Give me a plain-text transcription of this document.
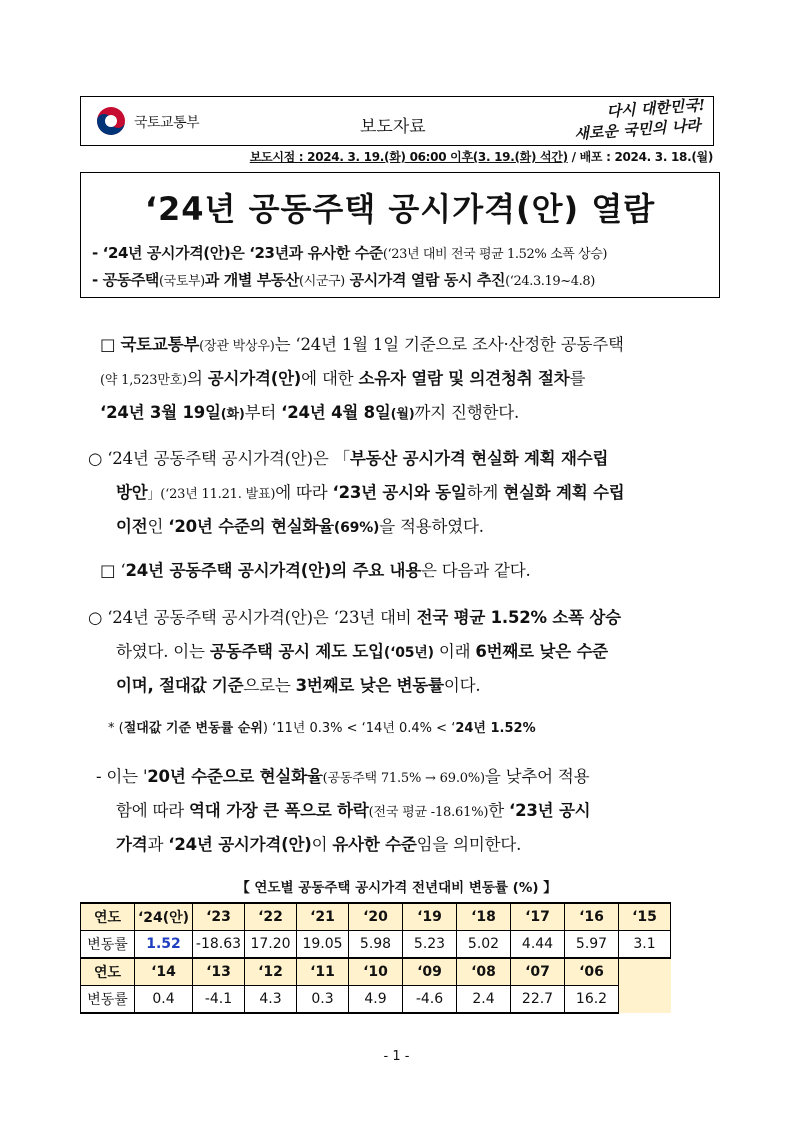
국토교통부	보도자료
다시 대한민국!
새로운 국민의 나라
보도시점 : 2024. 3. 19.(화) 06:00 이후(3. 19.(화) 석간) / 배포 : 2024. 3. 18.(월)
‘24년 공동주택 공시가격(안) 열람
- ‘24년 공시가격(안)은 ‘23년과 유사한 수준(‘23년 대비 전국 평균 1.52% 소폭 상승)
- 공동주택(국토부)과 개별 부동산(시군구) 공시가격 열람 동시 추진(‘24.3.19~4.8)
□ 국토교통부(장관 박상우)는 ‘24년 1월 1일 기준으로 조사·산정한 공동주택
(약 1,523만호)의 공시가격(안)에 대한 소유자 열람 및 의견청취 절차를
‘24년 3월 19일(화)부터 ‘24년 4월 8일(월)까지 진행한다.
○ ‘24년 공동주택 공시가격(안)은 「부동산 공시가격 현실화 계획 재수립
방안」(‘23년 11.21. 발표)에 따라 ‘23년 공시와 동일하게 현실화 계획 수립
이전인 ‘20년 수준의 현실화율(69%)을 적용하였다.
□ ‘24년 공동주택 공시가격(안)의 주요 내용은 다음과 같다.
○ ‘24년 공동주택 공시가격(안)은 ‘23년 대비 전국 평균 1.52% 소폭 상승
하였다. 이는 공동주택 공시 제도 도입(‘05년) 이래 6번째로 낮은 수준
이며, 절대값 기준으로는 3번째로 낮은 변동률이다.
* (절대값 기준 변동률 순위) ‘11년 0.3% < ‘14년 0.4% < ‘24년 1.52%
- 이는 '20년 수준으로 현실화율(공동주택 71.5% → 69.0%)을 낮추어 적용
함에 따라 역대 가장 큰 폭으로 하락(전국 평균 -18.61%)한 ‘23년 공시
가격과 ‘24년 공시가격(안)이 유사한 수준임을 의미한다.
【 연도별 공동주택 공시가격 전년대비 변동률 (%) 】
연도	‘24(안)	‘23	‘22	‘21	‘20	‘19	‘18	‘17	‘16	‘15
변동률	1.52	-18.63	17.20	19.05	5.98	5.23	5.02	4.44	5.97	3.1
연도	‘14	‘13	‘12	‘11	‘10	‘09	‘08	‘07	‘06	
변동률	0.4	-4.1	4.3	0.3	4.9	-4.6	2.4	22.7	16.2	
- 1 -
